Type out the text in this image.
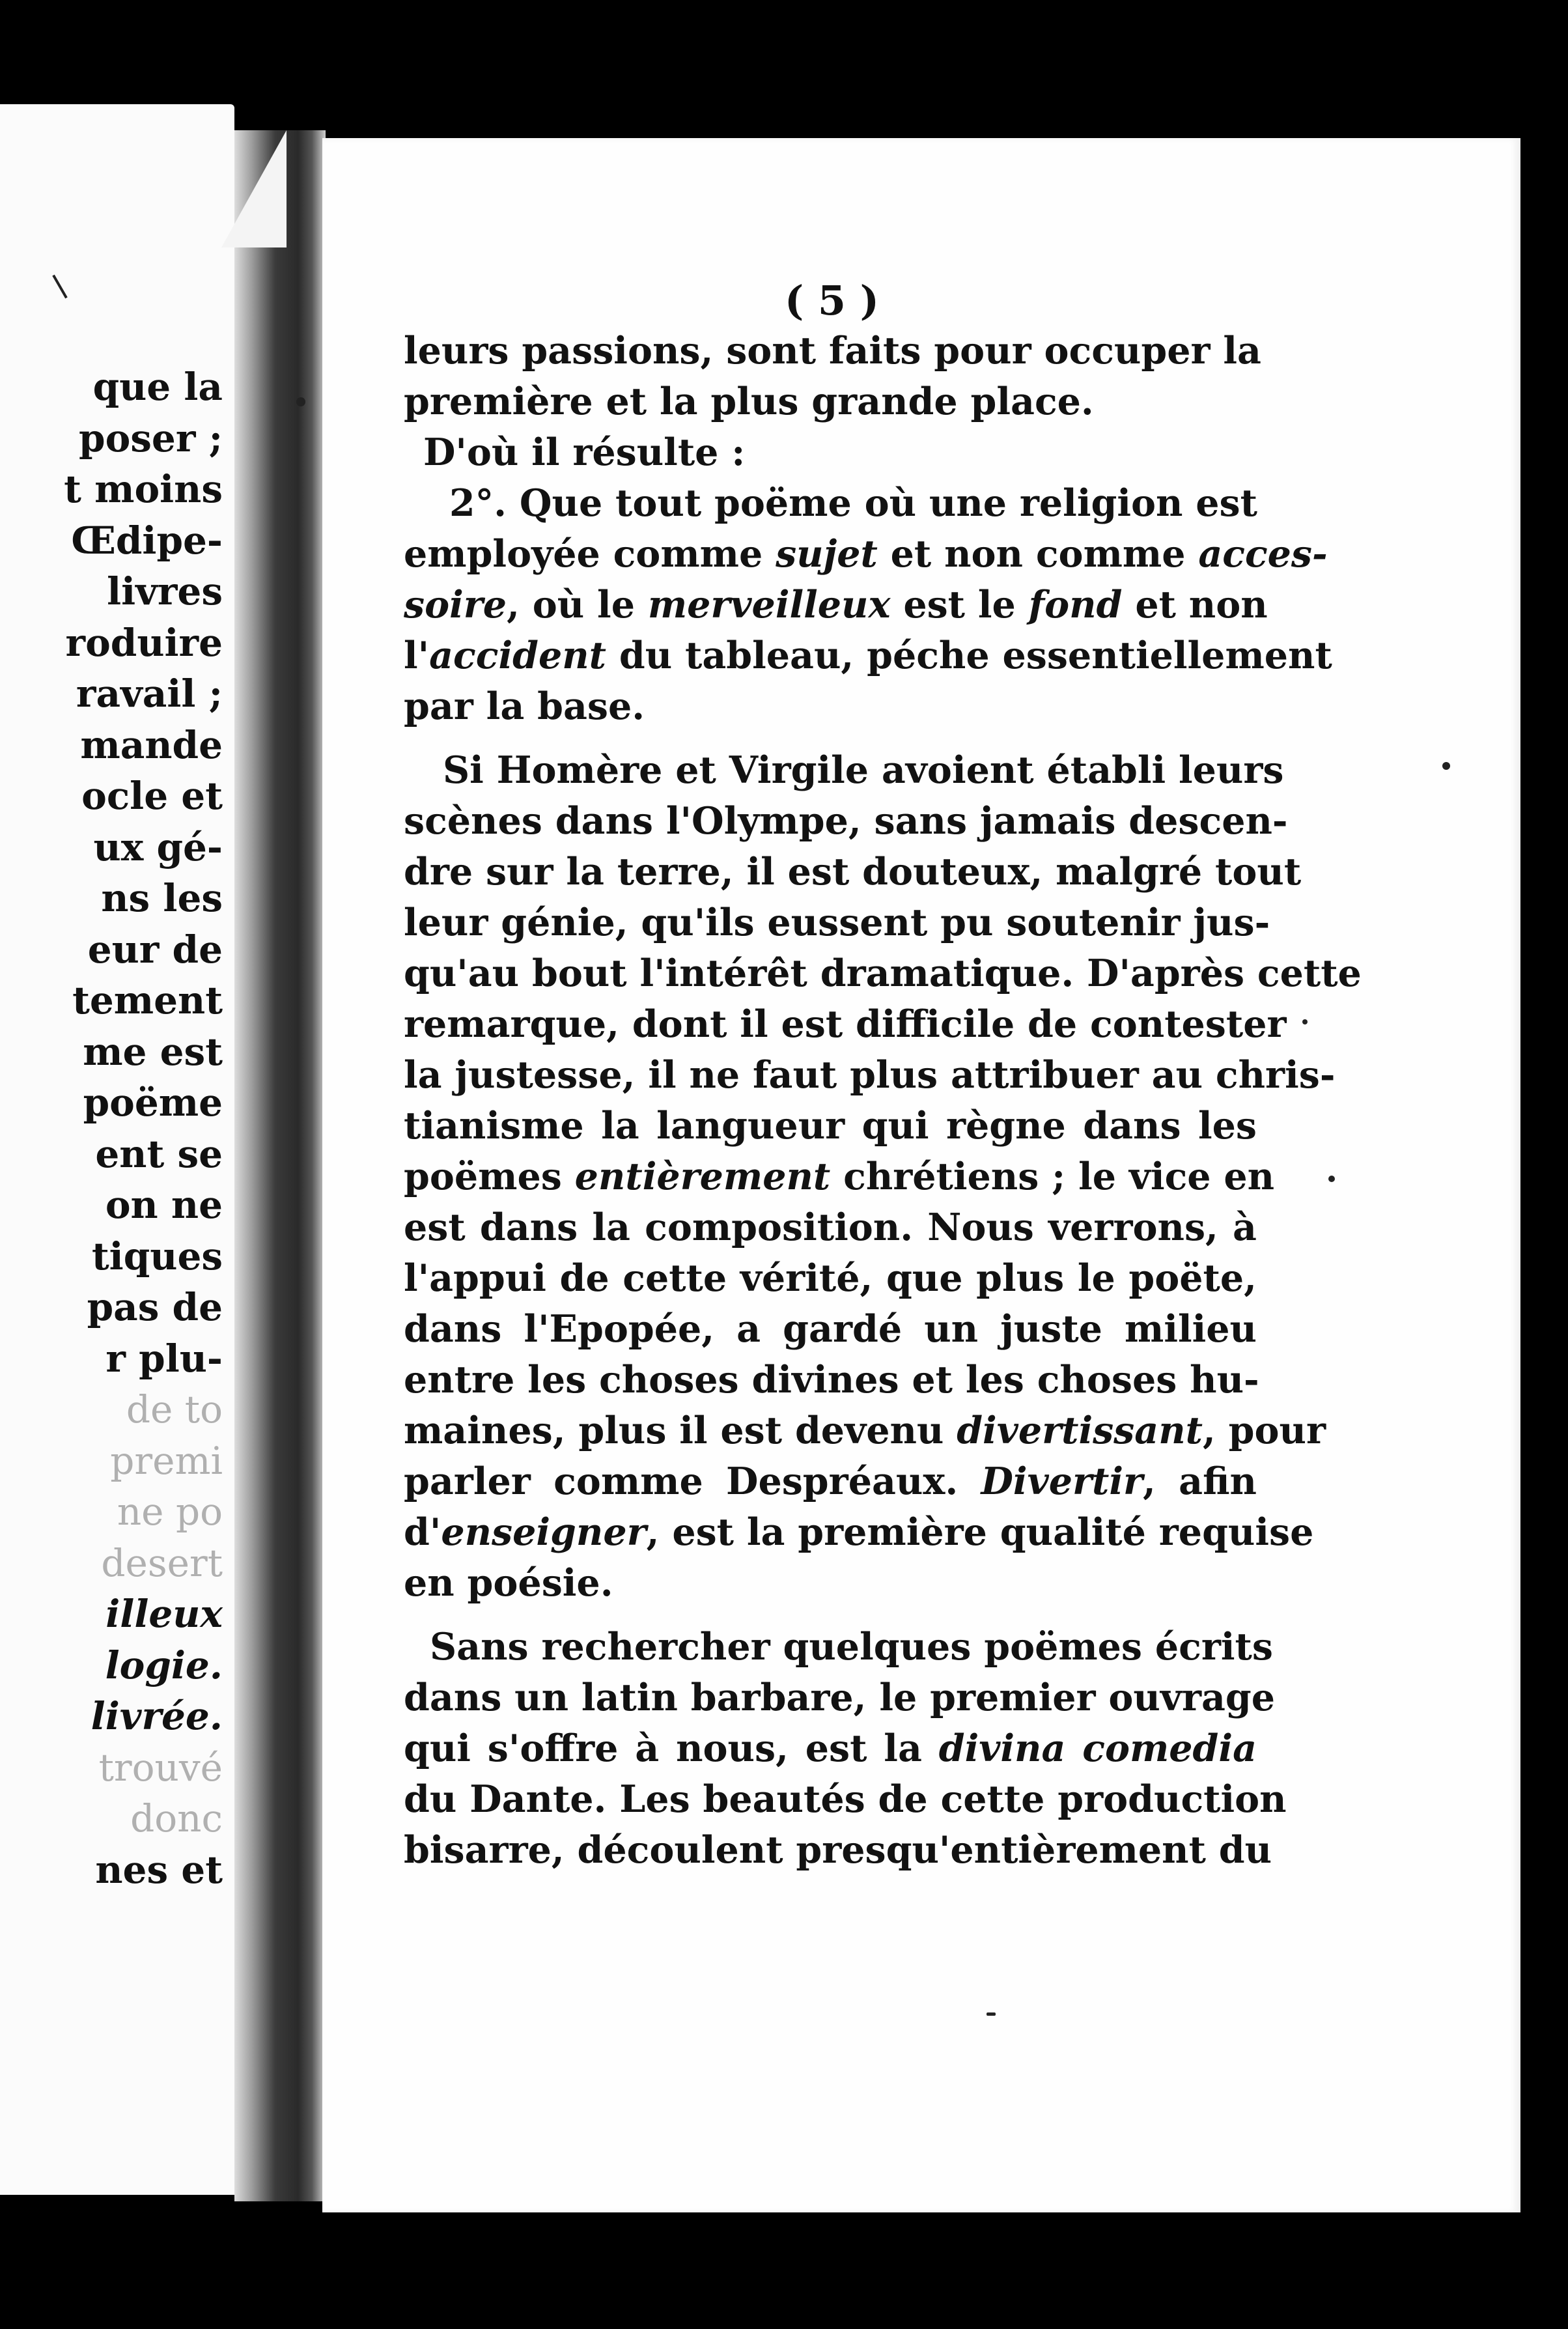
que la
poser ;
t moins
Œdipe-
livres
roduire
ravail ;
mande
ocle et
ux gé-
ns les
eur de
tement
me est
poëme
ent se
on ne
tiques
pas de
r plu-
de to
premi
ne po
desert
illeux
logie.
livrée.
trouvé
donc
nes et
( 5 )
leurs passions, sont faits pour occuper la
première et la plus grande place.
D'où il résulte :
2°. Que tout poëme où une religion est
employée comme sujet et non comme acces-
soire, où le merveilleux est le fond et non
l'accident du tableau, péche essentiellement
par la base.
Si Homère et Virgile avoient établi leurs
scènes dans l'Olympe, sans jamais descen-
dre sur la terre, il est douteux, malgré tout
leur génie, qu'ils eussent pu soutenir jus-
qu'au bout l'intérêt dramatique. D'après cette
remarque, dont il est difficile de contester
la justesse, il ne faut plus attribuer au chris-
tianisme la langueur qui règne dans les
poëmes entièrement chrétiens ; le vice en
est dans la composition. Nous verrons, à
l'appui de cette vérité, que plus le poëte,
dans l'Epopée, a gardé un juste milieu
entre les choses divines et les choses hu-
maines, plus il est devenu divertissant, pour
parler comme Despréaux. Divertir, afin
d'enseigner, est la première qualité requise
en poésie.
Sans rechercher quelques poëmes écrits
dans un latin barbare, le premier ouvrage
qui s'offre à nous, est la divina comedia
du Dante. Les beautés de cette production
bisarre, découlent presqu'entièrement du
